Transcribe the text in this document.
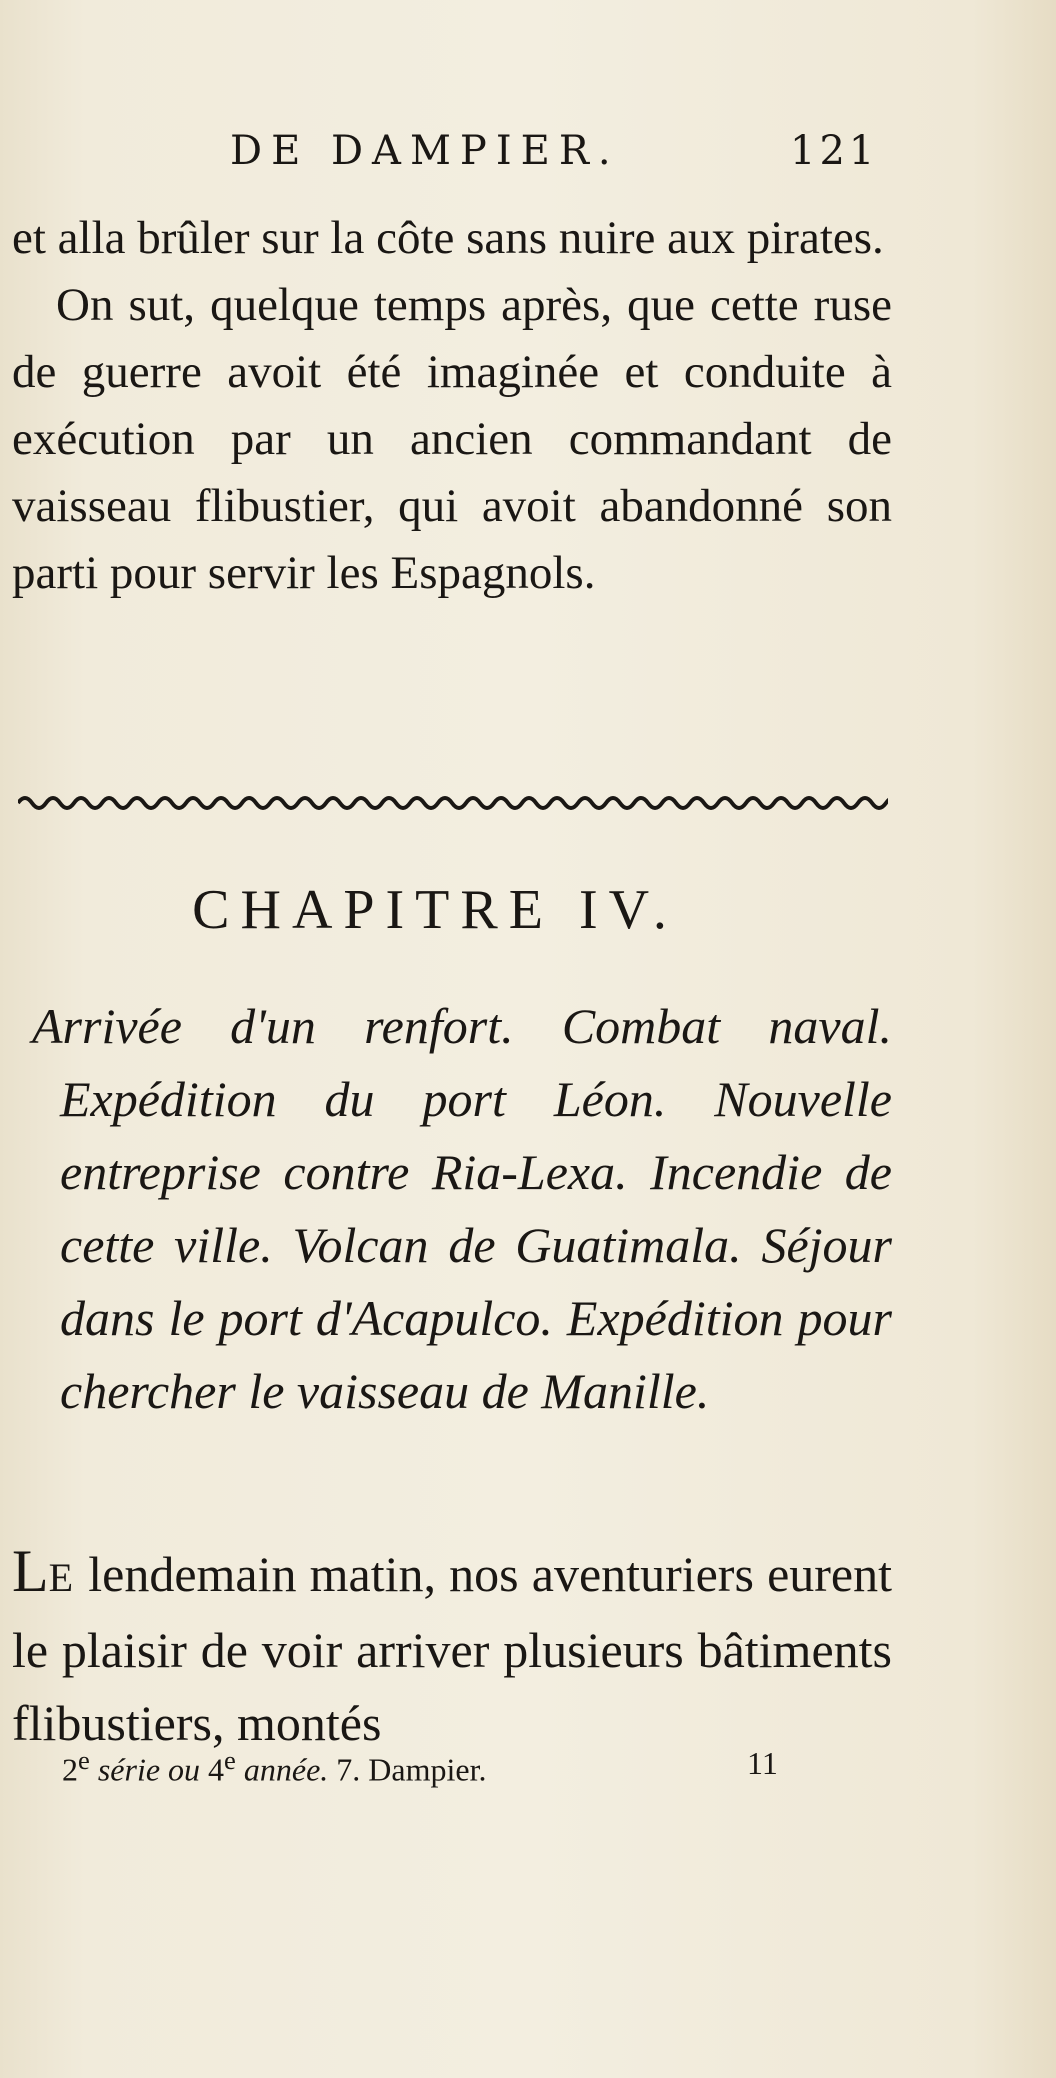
DE DAMPIER.	121

et alla brûler sur la côte sans nuire aux pirates.

On sut, quelque temps après, que cette ruse de guerre avoit été imaginée et conduite à exécution par un ancien commandant de vaisseau flibustier, qui avoit abandonné son parti pour servir les Espagnols.

CHAPITRE IV.
Arrivée d'un renfort. Combat naval. Expédition du port Léon. Nouvelle entreprise contre Ria-Lexa. Incendie de cette ville. Volcan de Guatimala. Séjour dans le port d'Acapulco. Expédition pour chercher le vaisseau de Manille.

LE lendemain matin, nos aventuriers eurent le plaisir de voir arriver plusieurs bâtiments flibustiers, montés

2e série ou 4e année. 7. Dampier.	11
